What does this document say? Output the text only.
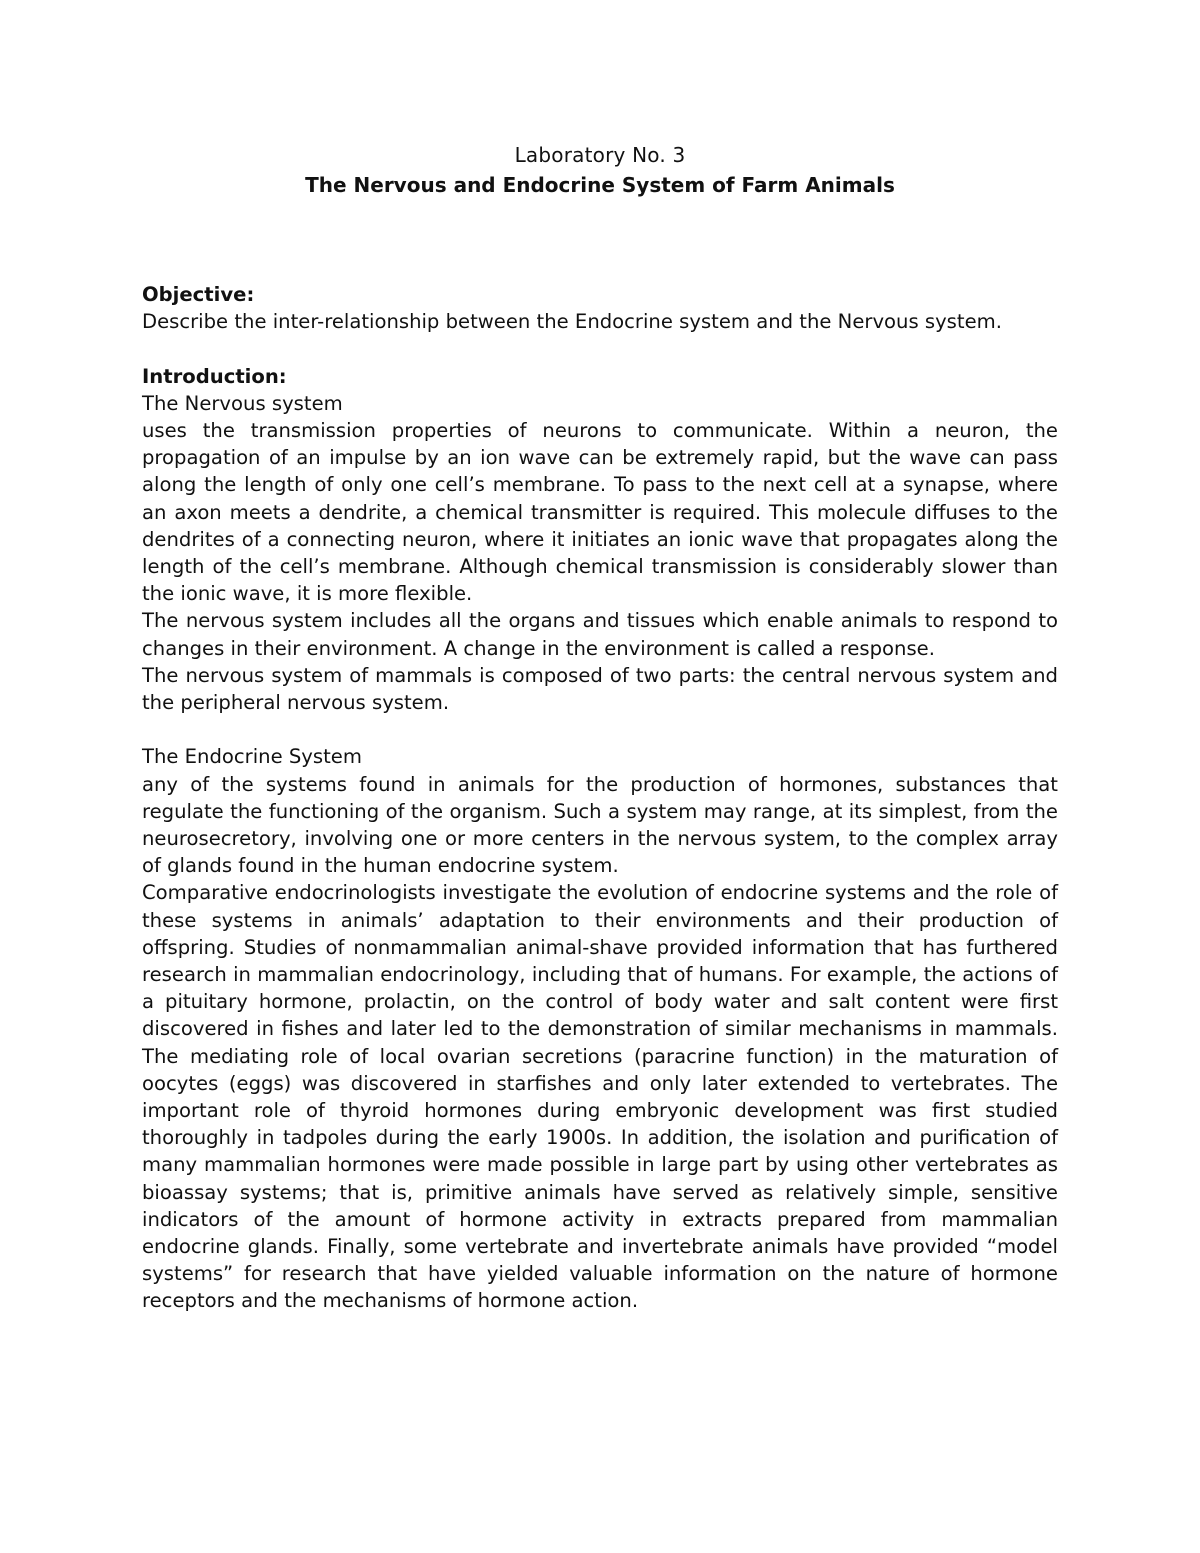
Laboratory No. 3
The Nervous and Endocrine System of Farm Animals

Objective:

Describe the inter-relationship between the Endocrine system and the Nervous system.

Introduction:

The Nervous system

uses the transmission properties of neurons to communicate. Within a neuron, the propagation of an impulse by an ion wave can be extremely rapid, but the wave can pass along the length of only one cell’s membrane. To pass to the next cell at a synapse, where an axon meets a dendrite, a chemical transmitter is required. This molecule diffuses to the dendrites of a connecting neuron, where it initiates an ionic wave that propagates along the length of the cell’s membrane. Although chemical transmission is considerably slower than the ionic wave, it is more flexible.

The nervous system includes all the organs and tissues which enable animals to respond to changes in their environment. A change in the environment is called a response.

The nervous system of mammals is composed of two parts: the central nervous system and the peripheral nervous system.

The Endocrine System

any of the systems found in animals for the production of hormones, substances that regulate the functioning of the organism. Such a system may range, at its simplest, from the neurosecretory, involving one or more centers in the nervous system, to the complex array of glands found in the human endocrine system.

Comparative endocrinologists investigate the evolution of endocrine systems and the role of these systems in animals’ adaptation to their environments and their production of offspring. Studies of nonmammalian animal-shave provided information that has furthered research in mammalian endocrinology, including that of humans. For example, the actions of a pituitary hormone, prolactin, on the control of body water and salt content were first discovered in fishes and later led to the demonstration of similar mechanisms in mammals. The mediating role of local ovarian secretions (paracrine function) in the maturation of oocytes (eggs) was discovered in starfishes and only later extended to vertebrates. The important role of thyroid hormones during embryonic development was first studied thoroughly in tadpoles during the early 1900s. In addition, the isolation and purification of many mammalian hormones were made possible in large part by using other vertebrates as bioassay systems; that is, primitive animals have served as relatively simple, sensitive indicators of the amount of hormone activity in extracts prepared from mammalian endocrine glands. Finally, some vertebrate and invertebrate animals have provided “model systems” for research that have yielded valuable information on the nature of hormone receptors and the mechanisms of hormone action.
